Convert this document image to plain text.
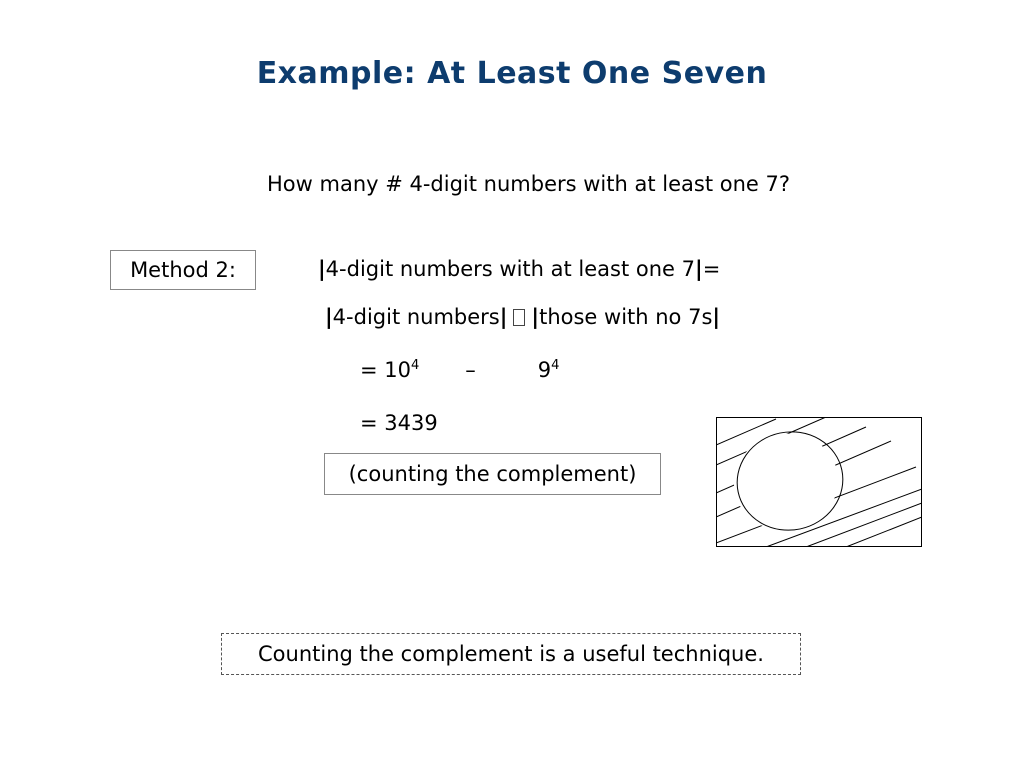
Example: At Least One Seven
How many # 4-digit numbers with at least one 7?
Method 2:	|4-digit numbers with at least one 7|=
|4-digit numbers| |those with no 7s|
= $10^4$ –	$9^4$
= 3439
(counting the complement)
Counting the complement is a useful technique.
